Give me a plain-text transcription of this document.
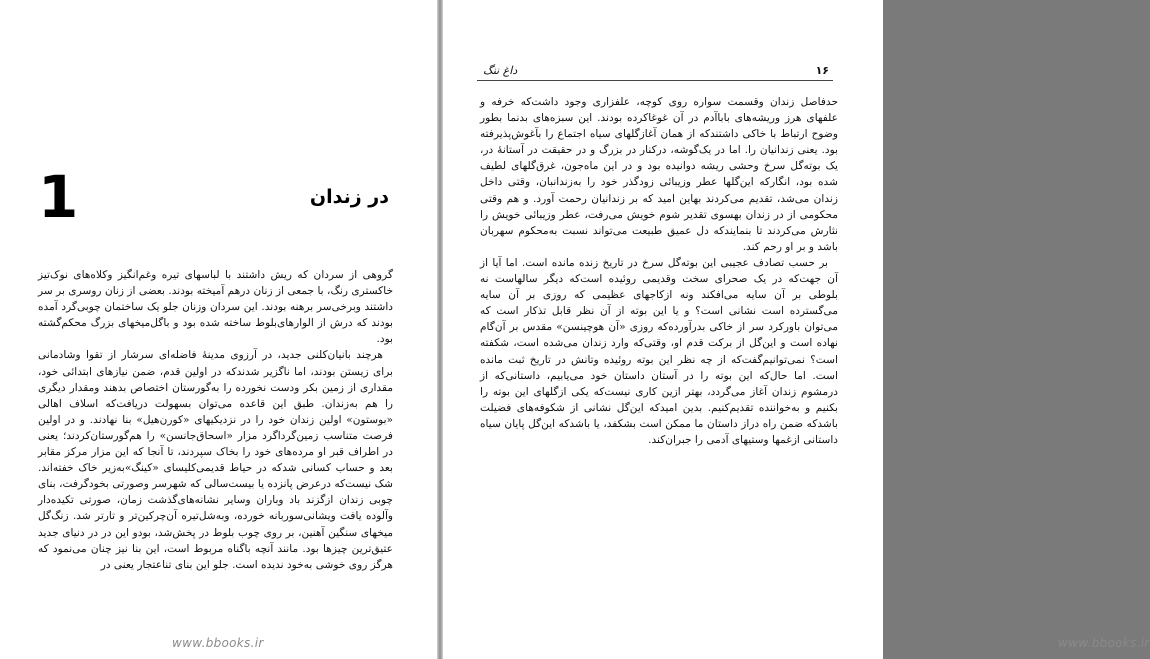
1	در زندان

گروهی از سردان که ریش داشتند با لباسهای تیره وغم‌انگیز وکلاه‌های نوک‌تیز خاکستری رنگ، با جمعی از زنان درهم آمیخته بودند. بعضی از زنان روسری بر سر داشتند وبرخی‌سر برهنه بودند. این سردان وزنان جلو یک ساختمان چوبی‌گرد آمده بودند که درش از الوارهای‌بلوط ساخته شده بود و باگل‌میخهای بزرگ محکم‌گشته بود.

هرچند بانیان‌کلنی جدید، در آرزوی مدینهٔ فاضله‌ای سرشار از تقوا وشادمانی برای زیستن بودند، اما ناگزیر شدند‌که در اولین قدم، ضمن نیازهای ابتدائی خود، مقداری از زمین بکر ودست نخورده را به‌گورستان اختصاص بدهند ومقدار دیگری را هم به‌زندان. طبق این قاعده می‌توان بسهولت دریافت‌که اسلاف اهالی «بوستون» اولین زندان خود را در نزدیکیهای «کورن‌هیل» بنا نهادند. و در اولین فرصت متناسب زمین‌گرداگرد مزار «اسحاق‌جانسن» را هم‌گورستان‌کردند؛ یعنی در اطراف قبر او مرده‌های خود را بخاک سپردند، تا آنجا که این مزار مرکز مقابر بعد و حساب کسانی شدکه در حیاط قدیمی‌کلیسای «کینگ»به‌زیر خاک خفته‌اند. شک نیست‌که درعرض پانزده یا بیست‌سالی که شهرسر وصورتی بخودگرفت، بنای چوبی زندان ازگزند باد وباران وسایر نشانه‌های‌گذشت زمان، صورتی تکیده‌دار وآلوده یافت ویشانی‌سوربانه خورده، وبه‌شل‌تیره آن‌چرکین‌تر و تارتر شد. زنگ‌گل میخهای سنگین آهنین، بر روی چوب بلوط در پخش‌شد، بودو این در در دنیای جدید عتیق‌ترین چیزها بود. مانند آنچه باگناه مربوط است، این بنا نیز چنان می‌نمود که هرگز روی خوشی به‌خود ندیده است. جلو این بنای تنا‌عتجار یعنی در

www.bbooks.ir
۱۶
داغ ننگ

حدفاصل زندان وقسمت سواره روی کوچه، علفزاری وجود داشت‌که خرفه و علفهای هرز وریشه‌های باباآدم در آن غوغاکرده بودند. این سبزه‌های بدنما بطور وضوح ارتباط با خاکی داشتندکه از همان آغازگلهای سیاه اجتماع را بآغوش‌پذیرفته بود. یعنی زندانیان را. اما در یک‌گوشه، درکنار در بزرگ و در حقیقت در آستانهٔ در، یک بوته‌گل سرخ وحشی ریشه دوانیده بود و در این ماه‌جون، غرق‌گلهای لطیف شده بود، انگارکه این‌گلها عطر وزیبائی زودگذر خود را به‌زندانبان، وقتی داخل زندان می‌شد، تقدیم می‌کردند بهاین امید که بر زندانیان رحمت آورد. و هم وقتی محکومی از در زندان بهسوی تقدیر شوم خویش می‌رفت، عطر وزیبائی خویش را نثارش می‌کردند تا بنمایندکه دل عمیق طبیعت می‌تواند نسبت به‌محکوم سهربان باشد و بر او رحم کند.

بر حسب تصادف عجیبی این بوته‌گل سرخ در تاریخ زنده مانده است. اما آیا از آن جهت‌که در یک صحرای سخت وقدیمی روئیده است‌که دیگر سالهاست نه بلوطی بر آن سایه می‌افکند ونه ازکاجهای عظیمی که روزی بر آن سایه می‌گسترده است نشانی است؟ و یا این بوته از آن نظر قابل تذکار است که می‌توان باورکرد سر از خاکی بدرآورده‌که روزی «آن هوچینسن» مقدس بر آن‌گام نهاده است و این‌گل از برکت قدم او، وقتی‌که وارد زندان می‌شده است، شکفته است؟ نمی‌توانیم‌گفت‌که از چه نظر این بوته روئیده وتانش در تاریخ ثبت مانده است. اما حال‌که این بوته را در آستان داستان خود می‌یابیم، داستانی‌که از درمشوم زندان آغاز می‌گردد، بهتر ازین کاری نیست‌که یکی ازگلهای این بوته را بکنیم و به‌خواننده تقدیم‌کنیم. بدین امیدکه این‌گل نشانی از شکوفه‌های فضیلت باشدکه ضمن راه دراز داستان ما ممکن است بشکفد، یا باشدکه این‌گل پایان سیاه داستانی ازغمها وستیهای آدمی را جبران‌کند.

www.bbooks.ir
